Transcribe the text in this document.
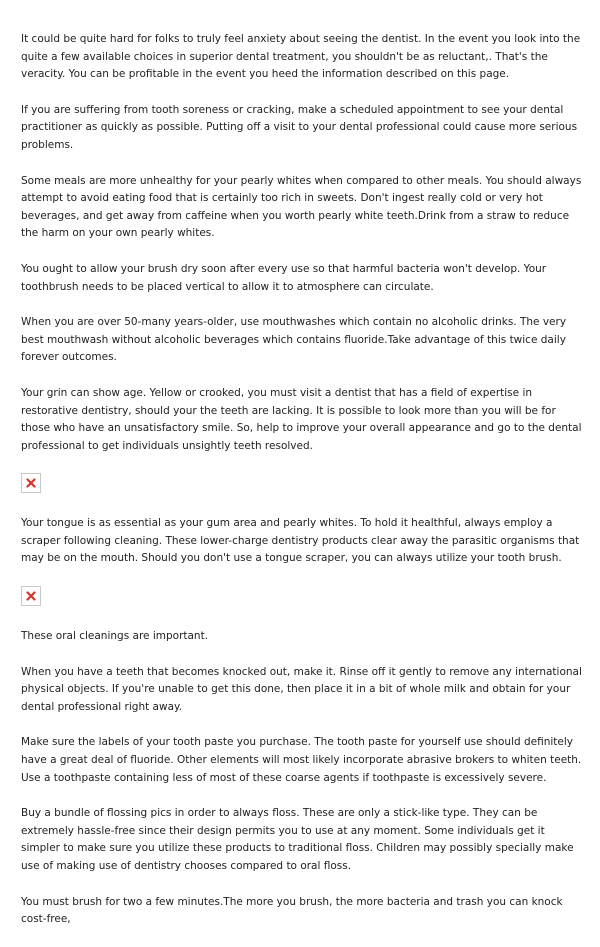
It could be quite hard for folks to truly feel anxiety about seeing the dentist. In the event you look into the quite a few available choices in superior dental treatment, you shouldn't be as reluctant,. That's the veracity. You can be profitable in the event you heed the information described on this page.

If you are suffering from tooth soreness or cracking, make a scheduled appointment to see your dental practitioner as quickly as possible. Putting off a visit to your dental professional could cause more serious problems.

Some meals are more unhealthy for your pearly whites when compared to other meals. You should always attempt to avoid eating food that is certainly too rich in sweets. Don't ingest really cold or very hot beverages, and get away from caffeine when you worth pearly white teeth.Drink from a straw to reduce the harm on your own pearly whites.

You ought to allow your brush dry soon after every use so that harmful bacteria won't develop. Your toothbrush needs to be placed vertical to allow it to atmosphere can circulate.

When you are over 50-many years-older, use mouthwashes which contain no alcoholic drinks. The very best mouthwash without alcoholic beverages which contains fluoride.Take advantage of this twice daily forever outcomes.

Your grin can show age. Yellow or crooked, you must visit a dentist that has a field of expertise in restorative dentistry, should your the teeth are lacking. It is possible to look more than you will be for those who have an unsatisfactory smile. So, help to improve your overall appearance and go to the dental professional to get individuals unsightly teeth resolved.

Your tongue is as essential as your gum area and pearly whites. To hold it healthful, always employ a scraper following cleaning. These lower-charge dentistry products clear away the parasitic organisms that may be on the mouth. Should you don't use a tongue scraper, you can always utilize your tooth brush.

These oral cleanings are important.

When you have a teeth that becomes knocked out, make it. Rinse off it gently to remove any international physical objects. If you're unable to get this done, then place it in a bit of whole milk and obtain for your dental professional right away.

Make sure the labels of your tooth paste you purchase. The tooth paste for yourself use should definitely have a great deal of fluoride. Other elements will most likely incorporate abrasive brokers to whiten teeth. Use a toothpaste containing less of most of these coarse agents if toothpaste is excessively severe.

Buy a bundle of flossing pics in order to always floss. These are only a stick-like type. They can be extremely hassle-free since their design permits you to use at any moment. Some individuals get it simpler to make sure you utilize these products to traditional floss. Children may possibly specially make use of making use of dentistry chooses compared to oral floss.

You must brush for two a few minutes.The more you brush, the more bacteria and trash you can knock cost-free,
